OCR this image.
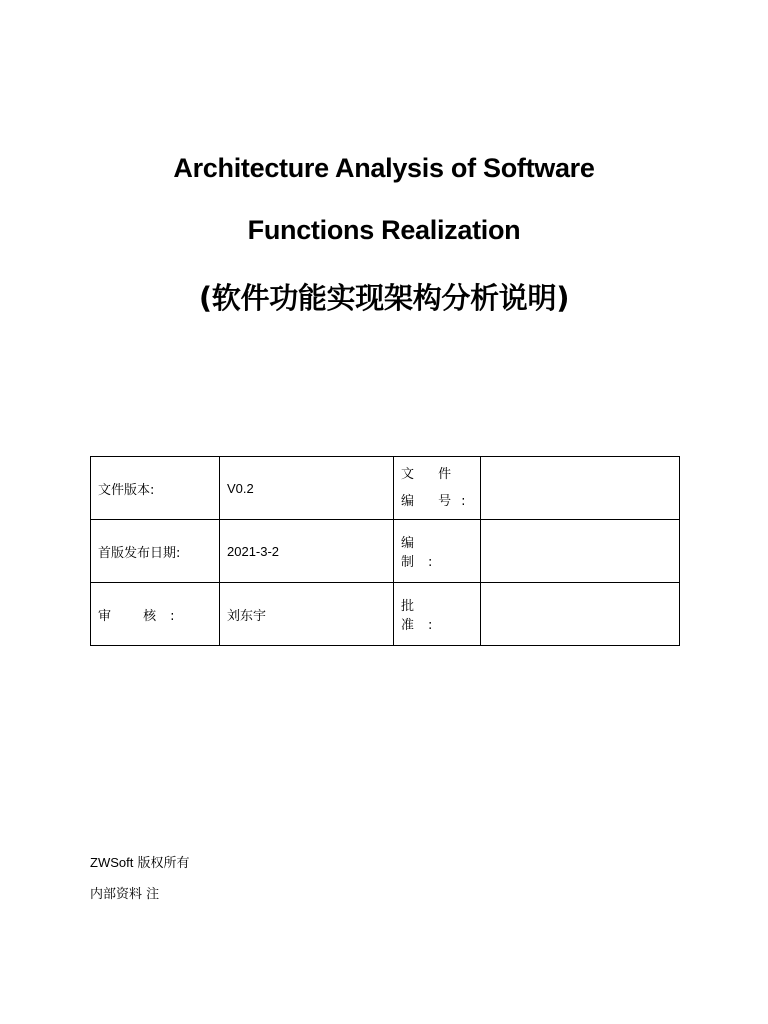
Architecture Analysis of Software
Functions Realization
(软件功能实现架构分析说明)
文件版本:	V0.2	文 件 编 号:	
首版发布日期:	2021-3-2	编 制:	
审 核:	刘东宇	批 准:	
ZWSoft 版权所有
内部资料 注
